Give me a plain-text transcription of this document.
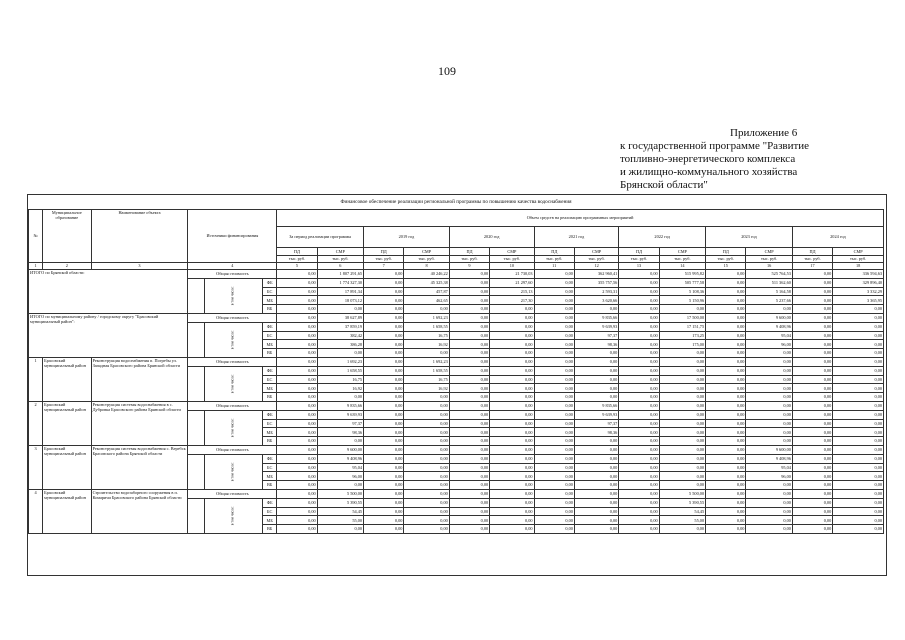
109
Приложение 6
к государственной программе "Развитие
топливно-энергетического комплекса
и жилищно-коммунального хозяйства
Брянской области"
Финансовое обеспечение реализации региональной программы по повышению качества водоснабжения
№	Муниципальное образование	Наименование объекта	Источники финансирования			Объем средств на реализацию программных мероприятий													
						За период реализации программы		2019 год		2020 год		2021 год		2022 год		2023 год		2024 год	
						ПД	СМР	ПД	СМР	ПД	СМР	ПД	СМР	ПД	СМР	ПД	СМР	ПД	СМР
						тыс. руб.	тыс. руб.	тыс. руб.	тыс. руб.	тыс. руб.	тыс. руб.	тыс. руб.	тыс. руб.	тыс. руб.	тыс. руб.	тыс. руб.	тыс. руб.	тыс. руб.	тыс. руб.
1	2	3	4			5	6	7	8	9	10	11	12	13	14	15	16	17	18
ИТОГО по Брянской области:			Общая стоимость			0,00	1 807 291,65	0,00	40 246,22	0,00	21 730,03	0,00	362 960,41	0,00	515 995,82	0,00	525 764,53	0,00	336 594,63
				в том числе:	ФБ	0,00	1 774 327,30	0,00	45 325,38	0,00	21 297,60	0,00	355 757,56	0,00	505 777,58	0,00	511 362,60	0,00	329 896,40
					БС	0,00	17 891,34	0,00	457,87	0,00	215,13	0,00	2 593,31	0,00	5 108,36	0,00	5 164,58	0,00	3 332,29
					МБ	0,00	18 073,12	0,00	462,65	0,00	217,30	0,00	3 620,66	0,00	5 150,96	0,00	5 237,66	0,00	3 365,95
					ВБ	0,00	0,00	0,00	0,00	0,00	0,00	0,00	0,00	0,00	0,00	0,00	0,00	0,00	0,00
ИТОГО по муниципальному району / городскому округу "Брасовский муниципальный район":			Общая стоимость			0,00	38 627,89	0,00	1 692,23	0,00	0,00	0,00	9 835,66	0,00	17 500,00	0,00	9 600,00	0,00	0,00
				в том числе:	ФБ	0,00	37 859,19	0,00	1 658,55	0,00	0,00	0,00	9 639,93	0,00	17 151,75	0,00	9 408,96	0,00	0,00
					БС	0,00	382,42	0,00	16,75	0,00	0,00	0,00	97,37	0,00	173,25	0,00	95,04	0,00	0,00
					МБ	0,00	386,28	0,00	16,92	0,00	0,00	0,00	98,36	0,00	175,00	0,00	96,00	0,00	0,00
					ВБ	0,00	0,00	0,00	0,00	0,00	0,00	0,00	0,00	0,00	0,00	0,00	0,00	0,00	0,00
1	Брасовский муниципальный район	Реконструкция водоснабжения п. Погребы ул. Западная Брасовского района Брянской области	Общая стоимость			0,00	1 692,23	0,00	1 692,23	0,00	0,00	0,00	0,00	0,00	0,00	0,00	0,00	0,00	0,00
				в том числе:	ФБ	0,00	1 658,55	0,00	1 658,55	0,00	0,00	0,00	0,00	0,00	0,00	0,00	0,00	0,00	0,00
					БС	0,00	16,75	0,00	16,75	0,00	0,00	0,00	0,00	0,00	0,00	0,00	0,00	0,00	0,00
					МБ	0,00	16,92	0,00	16,92	0,00	0,00	0,00	0,00	0,00	0,00	0,00	0,00	0,00	0,00
					ВБ	0,00	0,00	0,00	0,00	0,00	0,00	0,00	0,00	0,00	0,00	0,00	0,00	0,00	0,00
2	Брасовский муниципальный район	Реконструкция системы водоснабжения в с. Дубровка Брасовского района Брянской области	Общая стоимость			0,00	9 835,66	0,00	0,00	0,00	0,00	0,00	9 835,66	0,00	0,00	0,00	0,00	0,00	0,00
				в том числе:	ФБ	0,00	9 639,93	0,00	0,00	0,00	0,00	0,00	9 639,93	0,00	0,00	0,00	0,00	0,00	0,00
					БС	0,00	97,37	0,00	0,00	0,00	0,00	0,00	97,37	0,00	0,00	0,00	0,00	0,00	0,00
					МБ	0,00	98,36	0,00	0,00	0,00	0,00	0,00	98,36	0,00	0,00	0,00	0,00	0,00	0,00
					ВБ	0,00	0,00	0,00	0,00	0,00	0,00	0,00	0,00	0,00	0,00	0,00	0,00	0,00	0,00
3	Брасовский муниципальный район	Реконструкция системы водоснабжения с. Веребск Брасовского района Брянской области	Общая стоимость			0,00	9 600,00	0,00	0,00	0,00	0,00	0,00	0,00	0,00	0,00	0,00	9 600,00	0,00	0,00
				в том числе:	ФБ	0,00	9 408,96	0,00	0,00	0,00	0,00	0,00	0,00	0,00	0,00	0,00	9 408,96	0,00	0,00
					БС	0,00	95,04	0,00	0,00	0,00	0,00	0,00	0,00	0,00	0,00	0,00	95,04	0,00	0,00
					МБ	0,00	96,00	0,00	0,00	0,00	0,00	0,00	0,00	0,00	0,00	0,00	96,00	0,00	0,00
					ВБ	0,00	0,00	0,00	0,00	0,00	0,00	0,00	0,00	0,00	0,00	0,00	0,00	0,00	0,00
4	Брасовский муниципальный район	Строительство водозаборного сооружения в п. Комаричи Брасовского района Брянской области	Общая стоимость			0,00	5 500,00	0,00	0,00	0,00	0,00	0,00	0,00	0,00	5 500,00	0,00	0,00	0,00	0,00
				в том числе:	ФБ	0,00	5 390,55	0,00	0,00	0,00	0,00	0,00	0,00	0,00	5 390,55	0,00	0,00	0,00	0,00
					БС	0,00	54,45	0,00	0,00	0,00	0,00	0,00	0,00	0,00	54,45	0,00	0,00	0,00	0,00
					МБ	0,00	55,00	0,00	0,00	0,00	0,00	0,00	0,00	0,00	55,00	0,00	0,00	0,00	0,00
					ВБ	0,00	0,00	0,00	0,00	0,00	0,00	0,00	0,00	0,00	0,00	0,00	0,00	0,00	0,00
